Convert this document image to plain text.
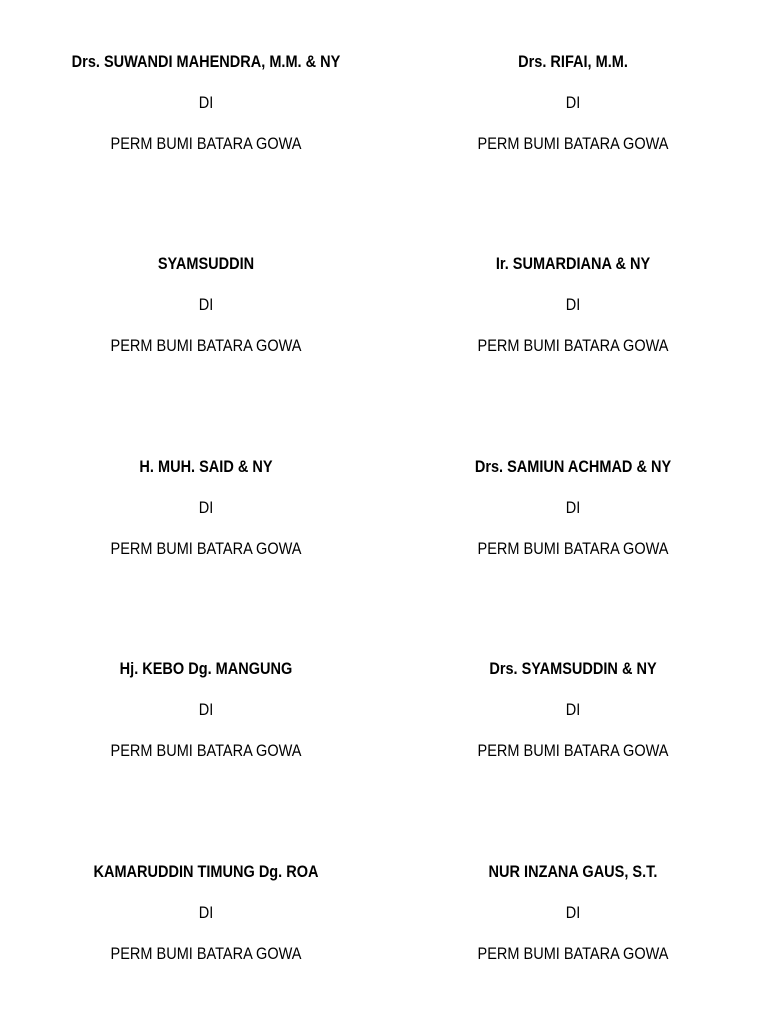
Drs. SUWANDI MAHENDRA, M.M. & NY
DI
PERM BUMI BATARA GOWA
Drs. RIFAI, M.M.
DI
PERM BUMI BATARA GOWA
SYAMSUDDIN
DI
PERM BUMI BATARA GOWA
Ir. SUMARDIANA & NY
DI
PERM BUMI BATARA GOWA
H. MUH. SAID & NY
DI
PERM BUMI BATARA GOWA
Drs. SAMIUN ACHMAD & NY
DI
PERM BUMI BATARA GOWA
Hj. KEBO Dg. MANGUNG
DI
PERM BUMI BATARA GOWA
Drs. SYAMSUDDIN & NY
DI
PERM BUMI BATARA GOWA
KAMARUDDIN TIMUNG Dg. ROA
DI
PERM BUMI BATARA GOWA
NUR INZANA GAUS, S.T.
DI
PERM BUMI BATARA GOWA
